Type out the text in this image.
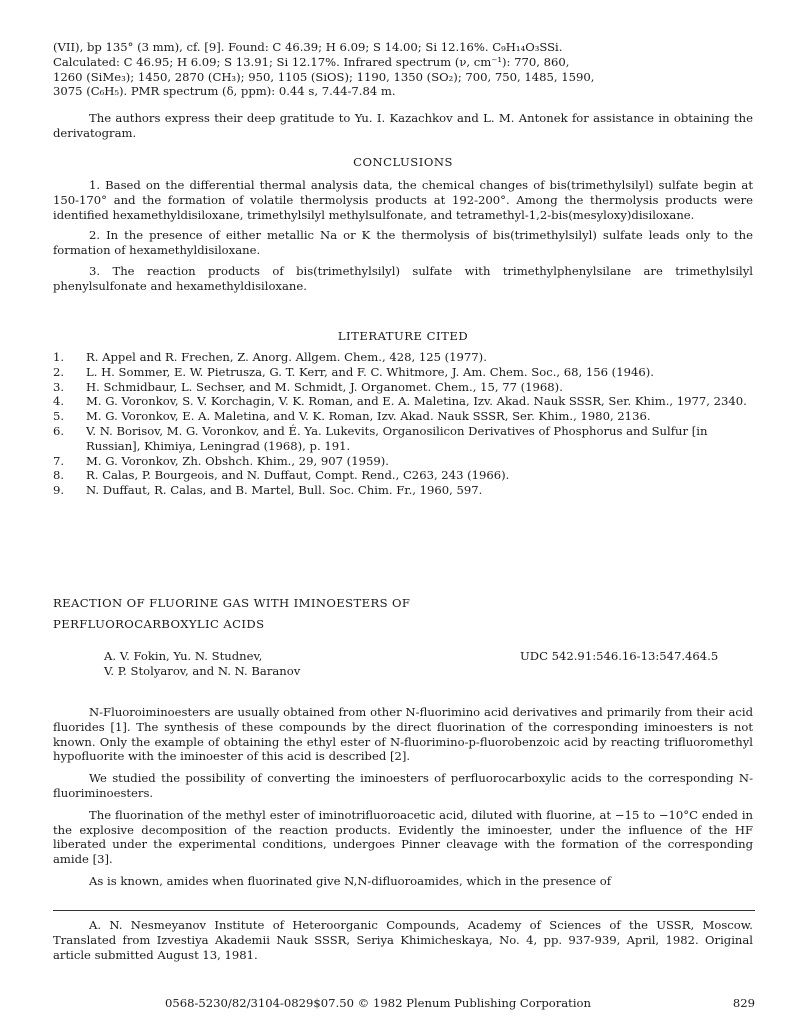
(VII), bp 135° (3 mm), cf. [9]. Found: C 46.39; H 6.09; S 14.00; Si 12.16%. C₉H₁₄O₃SSi.
Calculated: C 46.95; H 6.09; S 13.91; Si 12.17%. Infrared spectrum (ν, cm⁻¹): 770, 860,
1260 (SiMe₃); 1450, 2870 (CH₃); 950, 1105 (SiOS); 1190, 1350 (SO₂); 700, 750, 1485, 1590,
3075 (C₆H₅). PMR spectrum (δ, ppm): 0.44 s, 7.44-7.84 m.

The authors express their deep gratitude to Yu. I. Kazachkov and L. M. Antonek for assistance in obtaining the derivatogram.

CONCLUSIONS

1. Based on the differential thermal analysis data, the chemical changes of bis(trimethylsilyl) sulfate begin at 150-170° and the formation of volatile thermolysis products at 192-200°. Among the thermolysis products were identified hexamethyldisiloxane, trimethylsilyl methylsulfonate, and tetramethyl-1,2-bis(mesyloxy)disiloxane.

2. In the presence of either metallic Na or K the thermolysis of bis(trimethylsilyl) sulfate leads only to the formation of hexamethyldisiloxane.

3. The reaction products of bis(trimethylsilyl) sulfate with trimethylphenylsilane are trimethylsilyl phenylsulfonate and hexamethyldisiloxane.

LITERATURE CITED
1. R. Appel and R. Frechen, Z. Anorg. Allgem. Chem., 428, 125 (1977).
2. L. H. Sommer, E. W. Pietrusza, G. T. Kerr, and F. C. Whitmore, J. Am. Chem. Soc., 68, 156 (1946).
3. H. Schmidbaur, L. Sechser, and M. Schmidt, J. Organomet. Chem., 15, 77 (1968).
4. M. G. Voronkov, S. V. Korchagin, V. K. Roman, and E. A. Maletina, Izv. Akad. Nauk SSSR, Ser. Khim., 1977, 2340.
5. M. G. Voronkov, E. A. Maletina, and V. K. Roman, Izv. Akad. Nauk SSSR, Ser. Khim., 1980, 2136.
6. V. N. Borisov, M. G. Voronkov, and É. Ya. Lukevits, Organosilicon Derivatives of Phosphorus and Sulfur [in Russian], Khimiya, Leningrad (1968), p. 191.
7. M. G. Voronkov, Zh. Obshch. Khim., 29, 907 (1959).
8. R. Calas, P. Bourgeois, and N. Duffaut, Compt. Rend., C263, 243 (1966).
9. N. Duffaut, R. Calas, and B. Martel, Bull. Soc. Chim. Fr., 1960, 597.
REACTION OF FLUORINE GAS WITH IMINOESTERS OF
PERFLUOROCARBOXYLIC ACIDS
A. V. Fokin, Yu. N. Studnev,
V. P. Stolyarov, and N. N. Baranov
UDC 542.91:546.16-13:547.464.5

N-Fluoroiminoesters are usually obtained from other N-fluorimino acid derivatives and primarily from their acid fluorides [1]. The synthesis of these compounds by the direct fluorination of the corresponding iminoesters is not known. Only the example of obtaining the ethyl ester of N-fluorimino-p-fluorobenzoic acid by reacting trifluoromethyl hypofluorite with the iminoester of this acid is described [2].

We studied the possibility of converting the iminoesters of perfluorocarboxylic acids to the corresponding N-fluoriminoesters.

The fluorination of the methyl ester of iminotrifluoroacetic acid, diluted with fluorine, at −15 to −10°C ended in the explosive decomposition of the reaction products. Evidently the iminoester, under the influence of the HF liberated under the experimental conditions, undergoes Pinner cleavage with the formation of the corresponding amide [3].

As is known, amides when fluorinated give N,N-difluoroamides, which in the presence of

A. N. Nesmeyanov Institute of Heteroorganic Compounds, Academy of Sciences of the USSR, Moscow. Translated from Izvestiya Akademii Nauk SSSR, Seriya Khimicheskaya, No. 4, pp. 937-939, April, 1982. Original article submitted August 13, 1981.

0568-5230/82/3104-0829$07.50 © 1982 Plenum Publishing Corporation	829
